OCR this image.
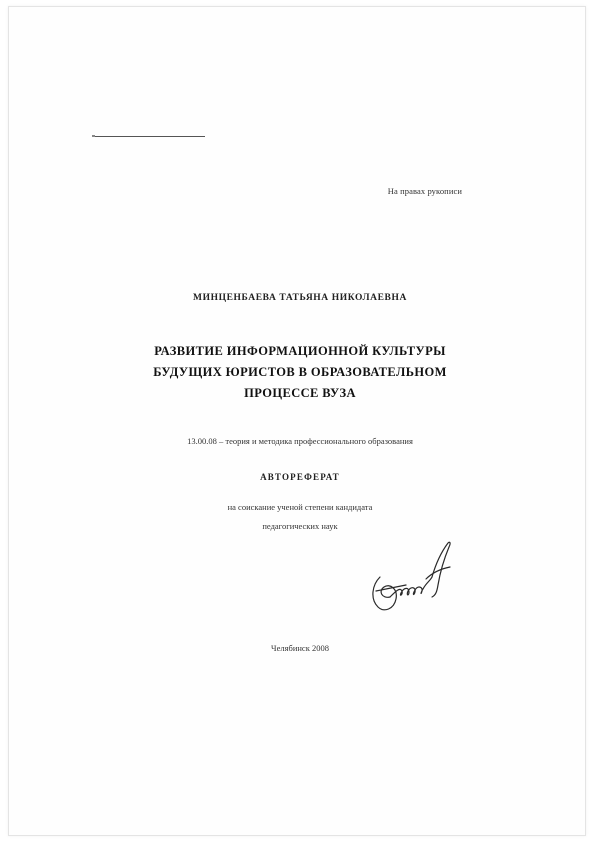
На правах рукописи
МИНЦЕНБАЕВА ТАТЬЯНА НИКОЛАЕВНА
РАЗВИТИЕ ИНФОРМАЦИОННОЙ КУЛЬТУРЫ
БУДУЩИХ ЮРИСТОВ В ОБРАЗОВАТЕЛЬНОМ
ПРОЦЕССЕ ВУЗА
13.00.08 – теория и методика профессионального образования
АВТОРЕФЕРАТ
на соискание ученой степени кандидата
педагогических наук
Челябинск 2008
